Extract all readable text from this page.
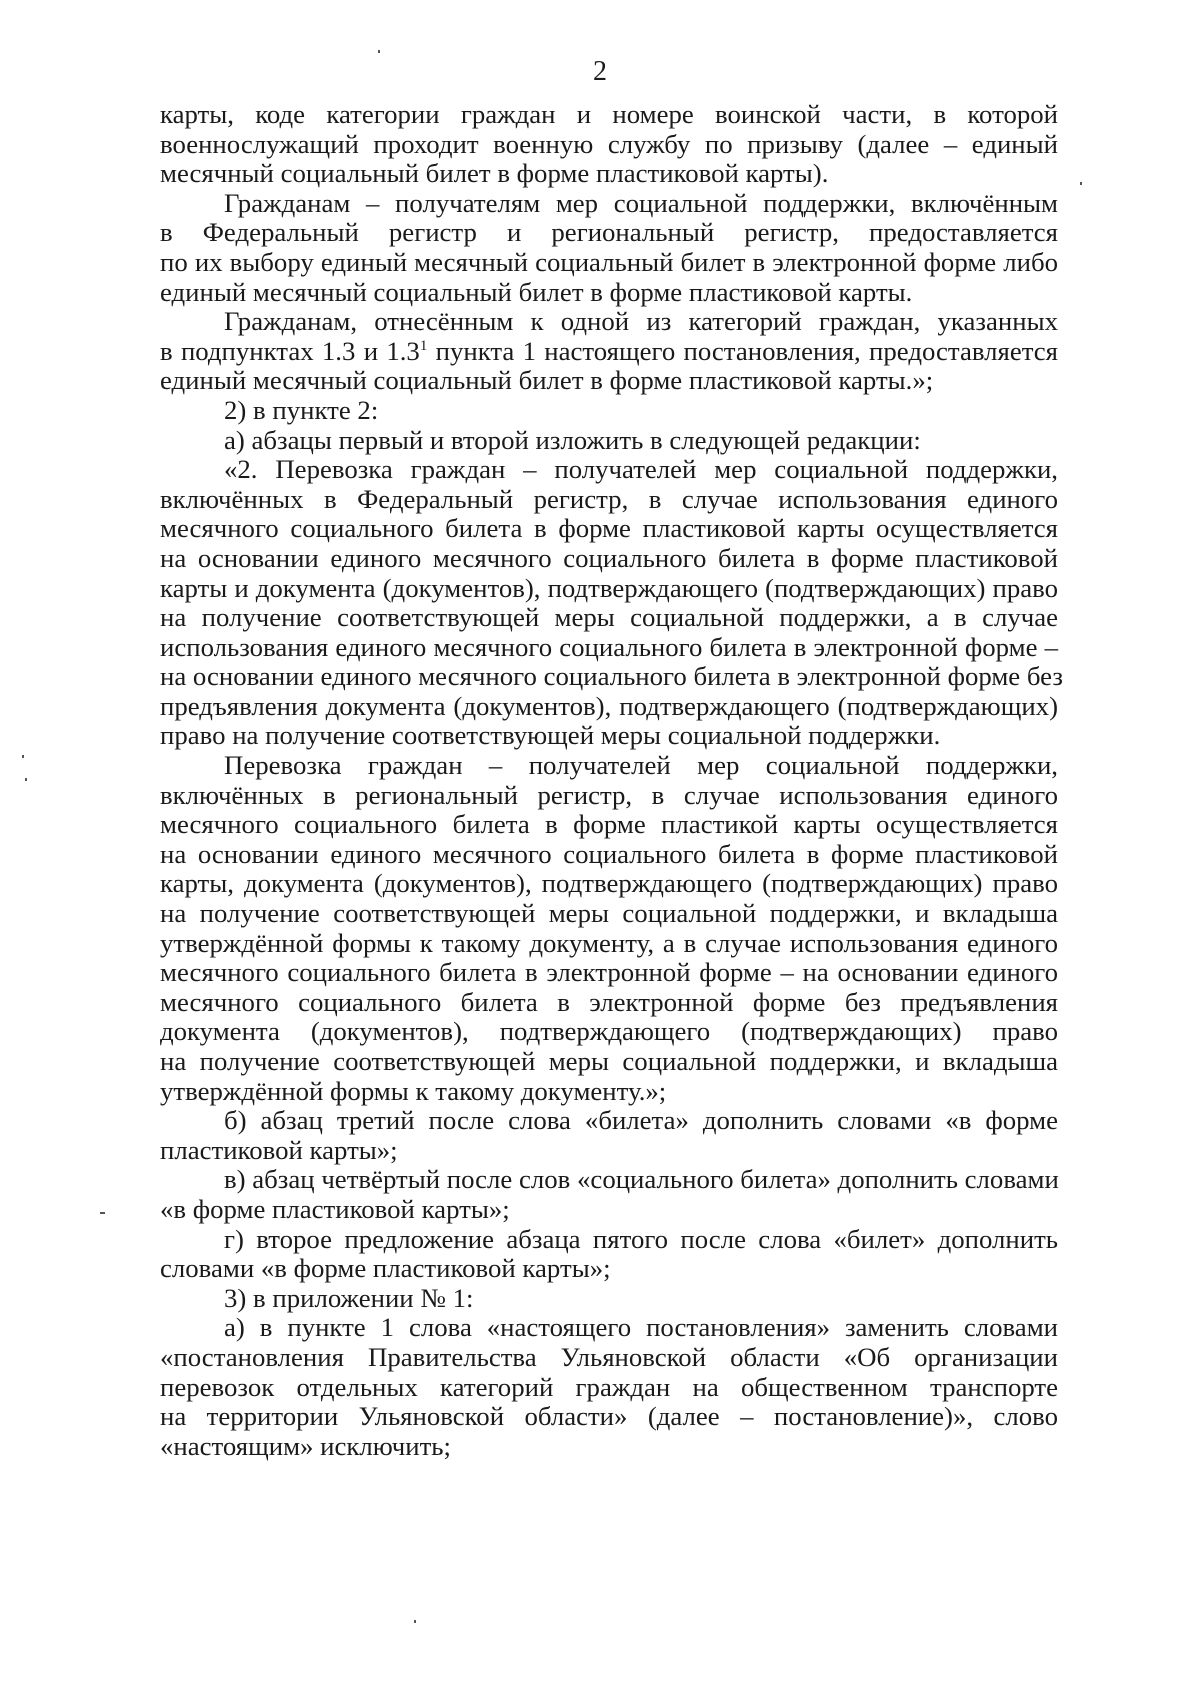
2
карты, коде категории граждан и номере воинской части, в которой
военнослужащий проходит военную службу по призыву (далее – единый
месячный социальный билет в форме пластиковой карты).
Гражданам – получателям мер социальной поддержки, включённым
в Федеральный регистр и региональный регистр, предоставляется
по их выбору единый месячный социальный билет в электронной форме либо
единый месячный социальный билет в форме пластиковой карты.
Гражданам, отнесённым к одной из категорий граждан, указанных
в подпунктах 1.3 и $1.3^1$ пункта 1 настоящего постановления, предоставляется
единый месячный социальный билет в форме пластиковой карты.»;
2) в пункте 2:
а) абзацы первый и второй изложить в следующей редакции:
«2. Перевозка граждан – получателей мер социальной поддержки,
включённых в Федеральный регистр, в случае использования единого
месячного социального билета в форме пластиковой карты осуществляется
на основании единого месячного социального билета в форме пластиковой
карты и документа (документов), подтверждающего (подтверждающих) право
на получение соответствующей меры социальной поддержки, а в случае
использования единого месячного социального билета в электронной форме –
на основании единого месячного социального билета в электронной форме без
предъявления документа (документов), подтверждающего (подтверждающих)
право на получение соответствующей меры социальной поддержки.
Перевозка граждан – получателей мер социальной поддержки,
включённых в региональный регистр, в случае использования единого
месячного социального билета в форме пластикой карты осуществляется
на основании единого месячного социального билета в форме пластиковой
карты, документа (документов), подтверждающего (подтверждающих) право
на получение соответствующей меры социальной поддержки, и вкладыша
утверждённой формы к такому документу, а в случае использования единого
месячного социального билета в электронной форме – на основании единого
месячного социального билета в электронной форме без предъявления
документа (документов), подтверждающего (подтверждающих) право
на получение соответствующей меры социальной поддержки, и вкладыша
утверждённой формы к такому документу.»;
б) абзац третий после слова «билета» дополнить словами «в форме
пластиковой карты»;
в) абзац четвёртый после слов «социального билета» дополнить словами
«в форме пластиковой карты»;
г) второе предложение абзаца пятого после слова «билет» дополнить
словами «в форме пластиковой карты»;
3) в приложении № 1:
а) в пункте 1 слова «настоящего постановления» заменить словами
«постановления Правительства Ульяновской области «Об организации
перевозок отдельных категорий граждан на общественном транспорте
на территории Ульяновской области» (далее – постановление)», слово
«настоящим» исключить;
